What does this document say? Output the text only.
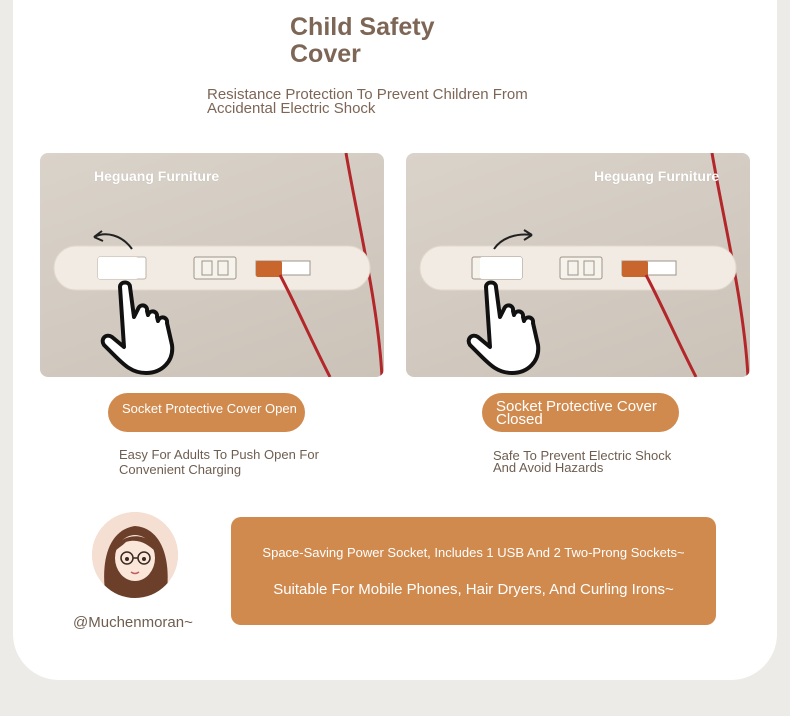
Child Safety Cover
Resistance Protection To Prevent Children From Accidental Electric Shock
Heguang Furniture	Heguang Furniture
Socket Protective Cover Open	Socket Protective Cover Closed
Easy For Adults To Push Open For Convenient Charging
Safe To Prevent Electric Shock And Avoid Hazards
@Muchenmoran~
Space-Saving Power Socket, Includes 1 USB And 2 Two-Prong Sockets~
Suitable For Mobile Phones, Hair Dryers, And Curling Irons~
